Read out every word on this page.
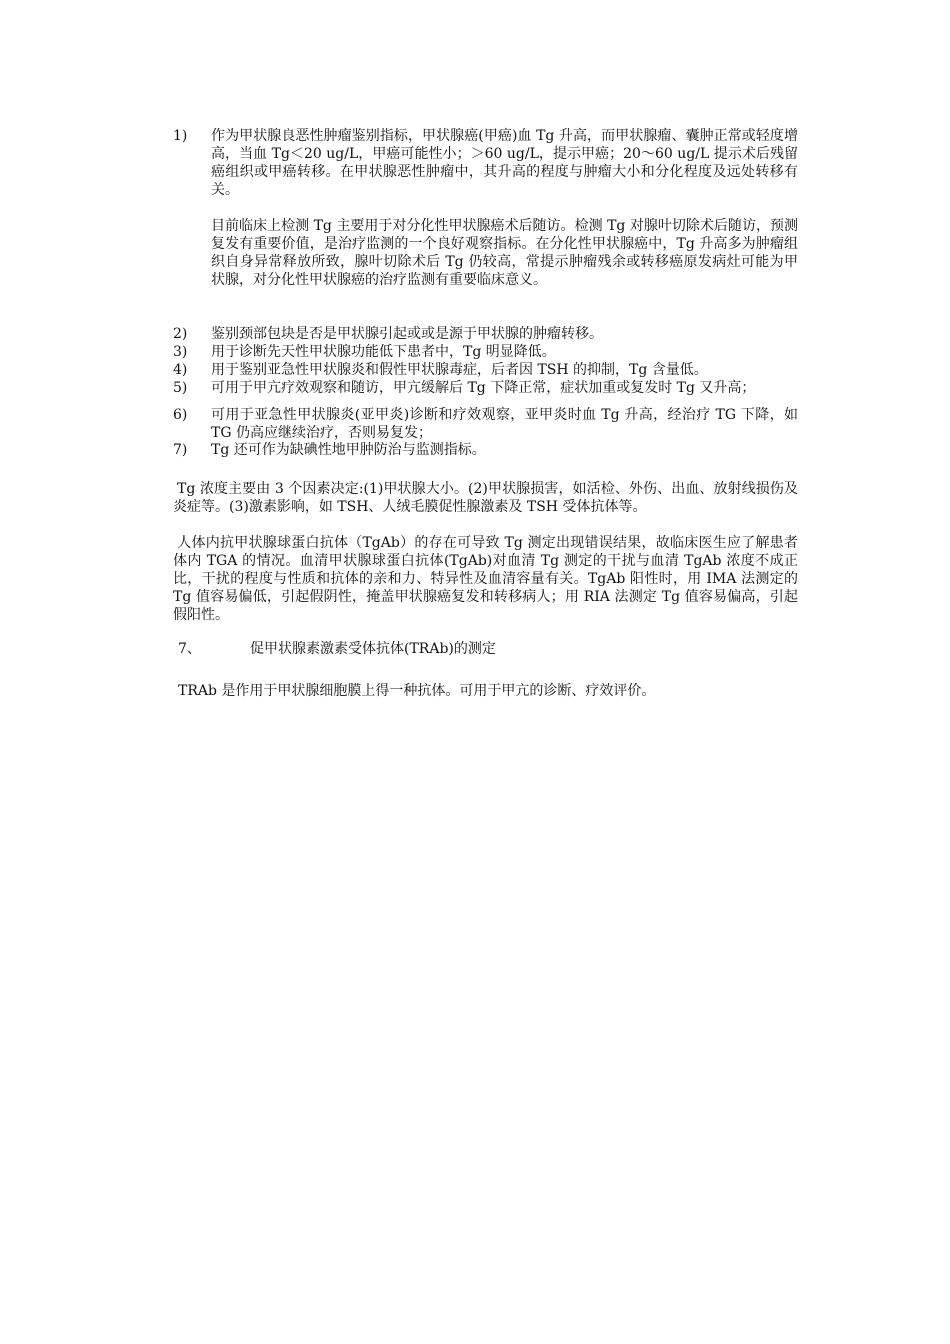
1)	作为甲状腺良恶性肿瘤鉴别指标，甲状腺癌(甲癌)血 Tg 升高，而甲状腺瘤、囊肿正常或轻度增高，当血 Tg＜20 ug/L，甲癌可能性小；＞60 ug/L，提示甲癌；20～60 ug/L 提示术后残留癌组织或甲癌转移。在甲状腺恶性肿瘤中，其升高的程度与肿瘤大小和分化程度及远处转移有关。
目前临床上检测 Tg 主要用于对分化性甲状腺癌术后随访。检测 Tg 对腺叶切除术后随访，预测复发有重要价值，是治疗监测的一个良好观察指标。在分化性甲状腺癌中，Tg 升高多为肿瘤组织自身异常释放所致，腺叶切除术后 Tg 仍较高，常提示肿瘤残余或转移癌原发病灶可能为甲状腺，对分化性甲状腺癌的治疗监测有重要临床意义。
2)	鉴别颈部包块是否是甲状腺引起或或是源于甲状腺的肿瘤转移。
3)	用于诊断先天性甲状腺功能低下患者中，Tg 明显降低。
4)	用于鉴别亚急性甲状腺炎和假性甲状腺毒症，后者因 TSH 的抑制，Tg 含量低。
5)	可用于甲亢疗效观察和随访，甲亢缓解后 Tg 下降正常，症状加重或复发时 Tg 又升高；
6)	可用于亚急性甲状腺炎(亚甲炎)诊断和疗效观察，亚甲炎时血 Tg 升高，经治疗 TG 下降，如 TG 仍高应继续治疗，否则易复发；
7)	Tg 还可作为缺碘性地甲肿防治与监测指标。
Tg 浓度主要由 3 个因素决定:(1)甲状腺大小。(2)甲状腺损害，如活检、外伤、出血、放射线损伤及炎症等。(3)激素影响，如 TSH、人绒毛膜促性腺激素及 TSH 受体抗体等。
人体内抗甲状腺球蛋白抗体（TgAb）的存在可导致 Tg 测定出现错误结果，故临床医生应了解患者体内 TGA 的情况。血清甲状腺球蛋白抗体(TgAb)对血清 Tg 测定的干扰与血清 TgAb 浓度不成正比，干扰的程度与性质和抗体的亲和力、特异性及血清容量有关。TgAb 阳性时，用 IMA 法测定的 Tg 值容易偏低，引起假阴性，掩盖甲状腺癌复发和转移病人；用 RIA 法测定 Tg 值容易偏高，引起假阳性。
7、	促甲状腺素激素受体抗体(TRAb)的测定
TRAb 是作用于甲状腺细胞膜上得一种抗体。可用于甲亢的诊断、疗效评价。
